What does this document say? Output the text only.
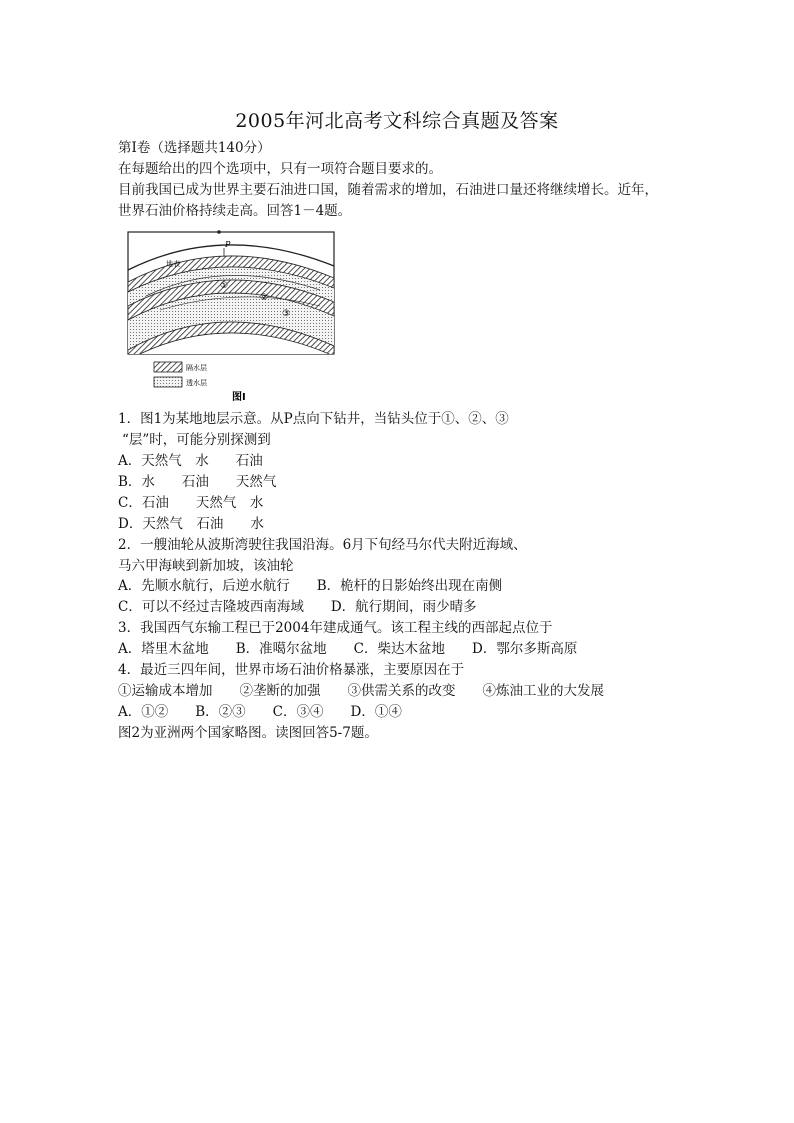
2005年河北高考文科综合真题及答案
第Ⅰ卷（选择题共140分）
在每题给出的四个选项中，只有一项符合题目要求的。
目前我国已成为世界主要石油进口国，随着需求的增加，石油进口量还将继续增长。近年，
世界石油价格持续走高。回答1－4题。
P
地表
①
②
③
隔水层
透水层
图Ⅰ
1．图1为某地地层示意。从P点向下钻井，当钻头位于①、②、③
“层”时，可能分别探测到
A．天然气　水　　石油
B．水　　石油　　天然气
C．石油　　天然气　水
D．天然气　石油　　水
2．一艘油轮从波斯湾驶往我国沿海。6月下旬经马尔代夫附近海域、
马六甲海峡到新加坡，该油轮
A．先顺水航行，后逆水航行　　B．桅杆的日影始终出现在南侧
C．可以不经过吉隆坡西南海域　　D．航行期间，雨少晴多
3．我国西气东输工程已于2004年建成通气。该工程主线的西部起点位于
A．塔里木盆地　　B．准噶尔盆地　　C．柴达木盆地　　D．鄂尔多斯高原
4．最近三四年间，世界市场石油价格暴涨，主要原因在于
①运输成本增加　　②垄断的加强　　③供需关系的改变　　④炼油工业的大发展
A．①②　　B．②③　　C．③④　　D．①④
图2为亚洲两个国家略图。读图回答5-7题。
